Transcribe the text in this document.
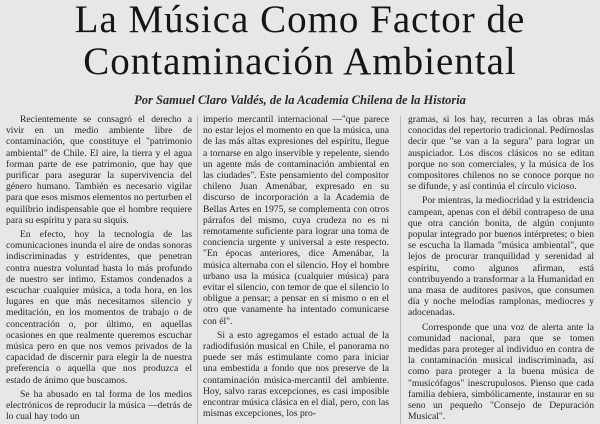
La Música Como Factor de
Contaminación Ambiental

Por Samuel Claro Valdés, de la Academia Chilena de la Historia

Recientemente se consagró el derecho a vivir en un medio ambiente libre de contaminación, que constituye el "patrimonio ambiental" de Chile. El aire, la tierra y el agua forman parte de ese patrimonio, que hay que purificar para asegurar la supervivencia del género humano. También es necesario vigilar para que esos mismos elementos no perturben el equilibrio indispensable que el hombre requiere para su espíritu y para su siquis.

En efecto, hoy la tecnología de las comunicaciones inunda el aire de ondas sonoras indiscriminadas y estridentes, que penetran contra nuestra voluntad hasta lo más profundo de nuestro ser íntimo. Estamos condenados a escuchar cualquier música, a toda hora, en los lugares en que más necesitamos silencio y meditación, en los momentos de trabajo o de concentración o, por último, en aquellas ocasiones en que realmente queremos escuchar música pero en que nos vemos privados de la capacidad de discernir para elegir la de nuestra preferencia o aquella que nos produzca el estado de ánimo que buscamos.

Se ha abusado en tal forma de los medios electrónicos de reproducir la música —detrás de lo cual hay todo un

imperio mercantil internacional —"que parece no estar lejos el momento en que la música, una de las más altas expresiones del espíritu, llegue a tornarse en algo inservible y repelente, siendo un agente más de contaminación ambiental en las ciudades". Este pensamiento del compositor chileno Juan Amenábar, expresado en su discurso de incorporación a la Academia de Bellas Artes en 1975, se complementa con otros párrafos del mismo, cuya crudeza no es ni remotamente suficiente para lograr una toma de conciencia urgente y universal a este respecto. "En épocas anteriores, dice Amenábar, la música alternaba con el silencio. Hoy el hombre urbano usa la música (cualquier música) para evitar el silencio, con temor de que el silencio lo obligue a pensar; a pensar en sí mismo o en el otro que vanamente ha intentado comunicarse con él".

Si a esto agregamos el estado actual de la radiodifusión musical en Chile, el panorama no puede ser más estimulante como para iniciar una embestida a fondo que nos preserve de la contaminación música-mercantil del ambiente. Hoy, salvo raras excepciones, es casi imposible encontrar música clásica en el dial, pero, con las mismas excepciones, los pro-

gramas, si los hay, recurren a las obras más conocidas del repertorio tradicional. Pedírnoslas decir que "se van a la segura" para lograr un auspiciador. Los discos clásicos no se editan porque no son comerciales, y la música de los compositores chilenos no se conoce porque no se difunde, y así continúa el círculo vicioso.

Por mientras, la mediocridad y la estridencia campean, apenas con el débil contrapeso de una que otra canción bonita, de algún conjunto popular integrado por buenos intérpretes; o bien se escucha la llamada "música ambiental", que lejos de procurar tranquilidad y serenidad al espíritu, como algunos afirman, está contribuyendo a transformar a la Humanidad en una masa de auditores pasivos, que consumen día y noche melodías ramplonas, mediocres y adocenadas.

Corresponde que una voz de alerta ante la comunidad nacional, para que se tomen medidas para proteger al individuo en contra de la contaminación musical indiscriminada, así como para proteger a la buena música de "musicófagos" inescrupulosos. Pienso que cada familia debiera, simbólicamente, instaurar en su seno un pequeño "Consejo de Depuración Musical".
